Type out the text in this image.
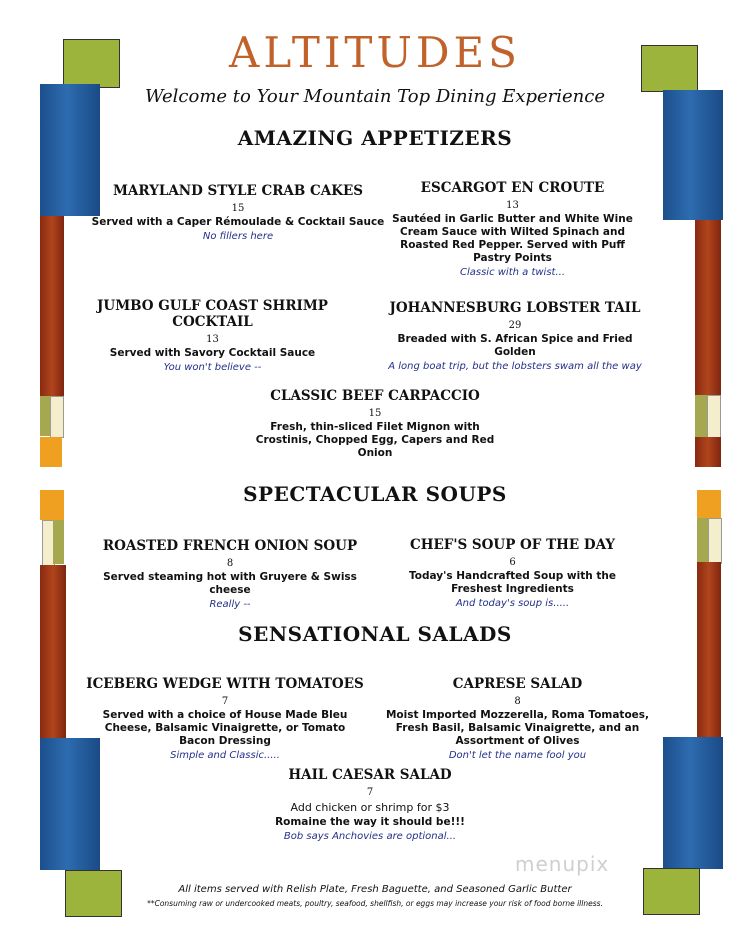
ALTITUDES
Welcome to Your Mountain Top Dining Experience
AMAZING APPETIZERS
MARYLAND STYLE CRAB CAKES
15
Served with a Caper Rémoulade & Cocktail Sauce
No fillers here
ESCARGOT EN CROUTE
13
Sautéed in Garlic Butter and White Wine Cream Sauce with Wilted Spinach and Roasted Red Pepper. Served with Puff Pastry Points
Classic with a twist...
JUMBO GULF COAST SHRIMP COCKTAIL
13
Served with Savory Cocktail Sauce
You won't believe --
JOHANNESBURG LOBSTER TAIL
29
Breaded with S. African Spice and Fried Golden
A long boat trip, but the lobsters swam all the way
CLASSIC BEEF CARPACCIO
15
Fresh, thin-sliced Filet Mignon with Crostinis, Chopped Egg, Capers and Red Onion
SPECTACULAR SOUPS
ROASTED FRENCH ONION SOUP
8
Served steaming hot with Gruyere & Swiss cheese
Really --
CHEF'S SOUP OF THE DAY
6
Today's Handcrafted Soup with the Freshest Ingredients
And today's soup is.....
SENSATIONAL SALADS
ICEBERG WEDGE WITH TOMATOES
7
Served with a choice of House Made Bleu Cheese, Balsamic Vinaigrette, or Tomato Bacon Dressing
Simple and Classic.....
CAPRESE SALAD
8
Moist Imported Mozzerella, Roma Tomatoes, Fresh Basil, Balsamic Vinaigrette, and an Assortment of Olives
Don't let the name fool you
HAIL CAESAR SALAD
7
Add chicken or shrimp for $3
Romaine the way it should be!!!
Bob says Anchovies are optional...
All items served with Relish Plate, Fresh Baguette, and Seasoned Garlic Butter
**Consuming raw or undercooked meats, poultry, seafood, shellfish, or eggs may increase your risk of food borne illness.
menupix
